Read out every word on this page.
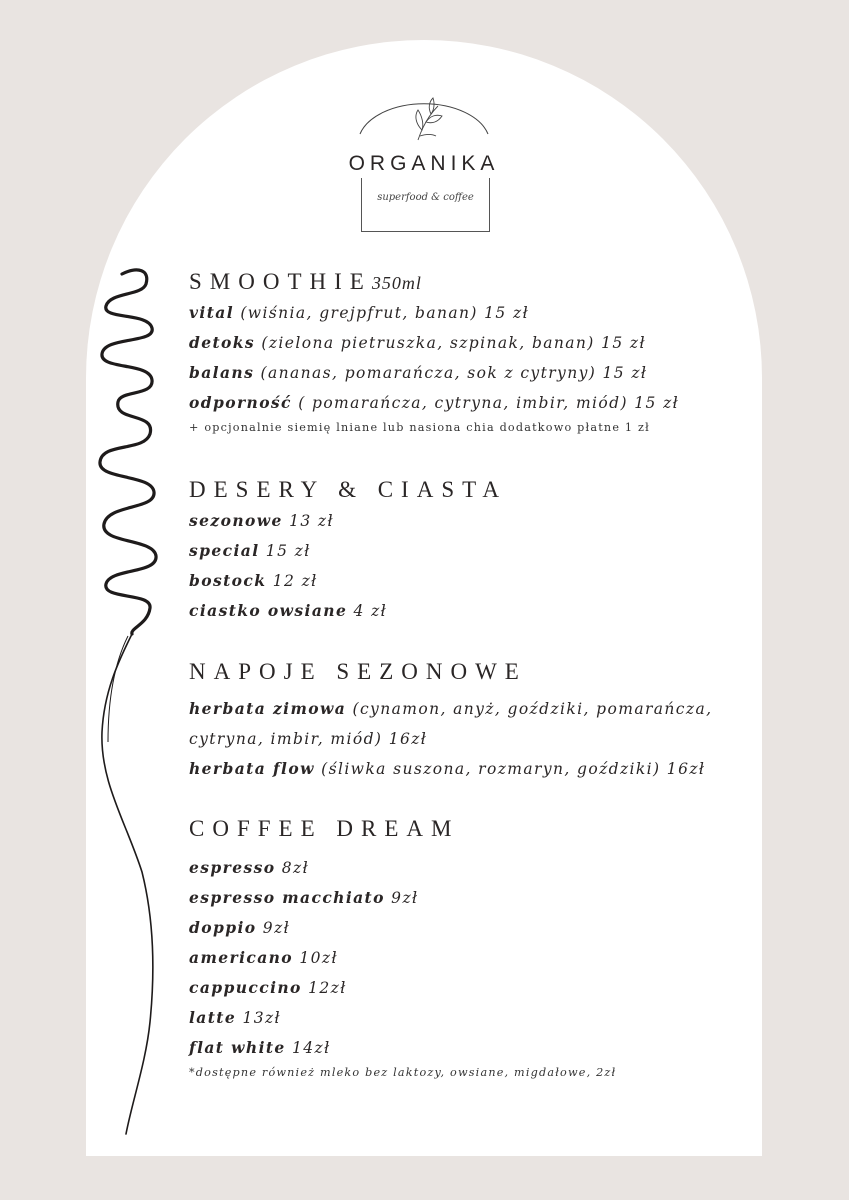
ORGANIKA
superfood & coffee
SMOOTHIE350ml
vital (wiśnia, grejpfrut, banan) 15 zł
detoks (zielona pietruszka, szpinak, banan) 15 zł
balans (ananas, pomarańcza, sok z cytryny) 15 zł
odporność ( pomarańcza, cytryna, imbir, miód) 15 zł
+ opcjonalnie siemię lniane lub nasiona chia dodatkowo płatne 1 zł
DESERY & CIASTA
sezonowe 13 zł
special 15 zł
bostock 12 zł
ciastko owsiane 4 zł
NAPOJE SEZONOWE
herbata zimowa (cynamon, anyż, goździki, pomarańcza,
cytryna, imbir, miód) 16zł
herbata flow (śliwka suszona, rozmaryn, goździki) 16zł
COFFEE DREAM
espresso 8zł
espresso macchiato 9zł
doppio 9zł
americano 10zł
cappuccino 12zł
latte 13zł
flat white 14zł
*dostępne również mleko bez laktozy, owsiane, migdałowe, 2zł
